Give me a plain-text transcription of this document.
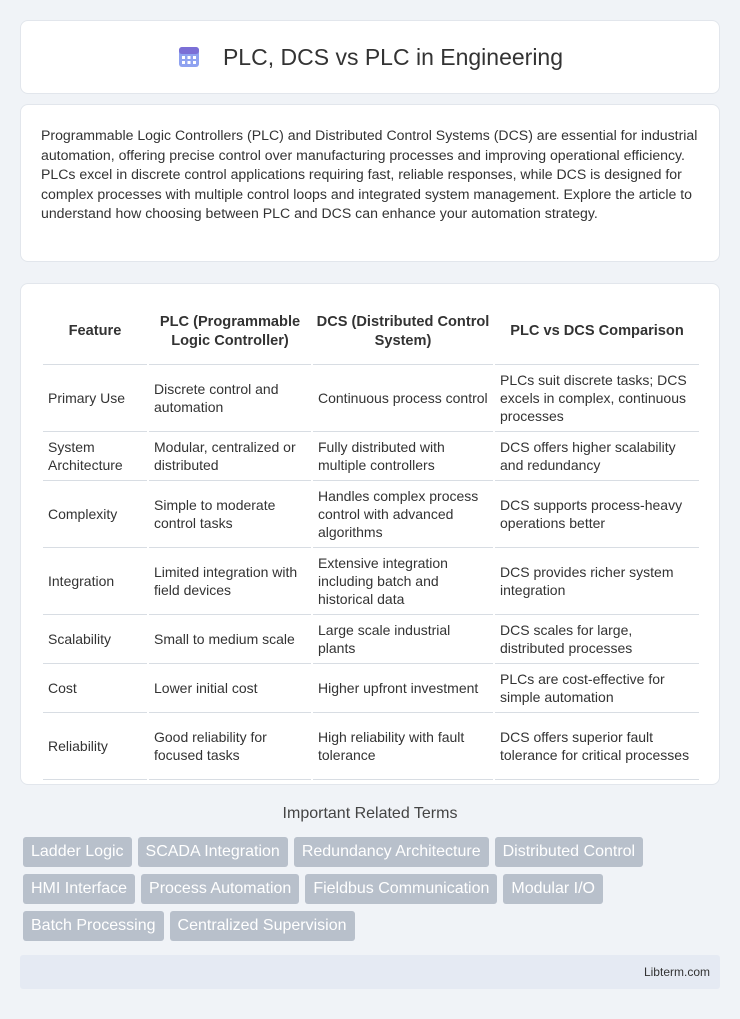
PLC, DCS vs PLC in Engineering

Programmable Logic Controllers (PLC) and Distributed Control Systems (DCS) are essential for industrial automation, offering precise control over manufacturing processes and improving operational efficiency. PLCs excel in discrete control applications requiring fast, reliable responses, while DCS is designed for complex processes with multiple control loops and integrated system management. Explore the article to understand how choosing between PLC and DCS can enhance your automation strategy.

Feature	PLC (Programmable Logic Controller)	DCS (Distributed Control System)	PLC vs DCS Comparison
Primary Use	Discrete control and automation	Continuous process control	PLCs suit discrete tasks; DCS excels in complex, continuous processes
System Architecture	Modular, centralized or distributed	Fully distributed with multiple controllers	DCS offers higher scalability and redundancy
Complexity	Simple to moderate control tasks	Handles complex process control with advanced algorithms	DCS supports process-heavy operations better
Integration	Limited integration with field devices	Extensive integration including batch and historical data	DCS provides richer system integration
Scalability	Small to medium scale	Large scale industrial plants	DCS scales for large, distributed processes
Cost	Lower initial cost	Higher upfront investment	PLCs are cost-effective for simple automation
Reliability	Good reliability for focused tasks	High reliability with fault tolerance	DCS offers superior fault tolerance for critical processes
Important Related Terms
Ladder Logic	SCADA Integration	Redundancy Architecture	Distributed Control
HMI Interface	Process Automation	Fieldbus Communication	Modular I/O
Batch Processing	Centralized Supervision
Libterm.com
